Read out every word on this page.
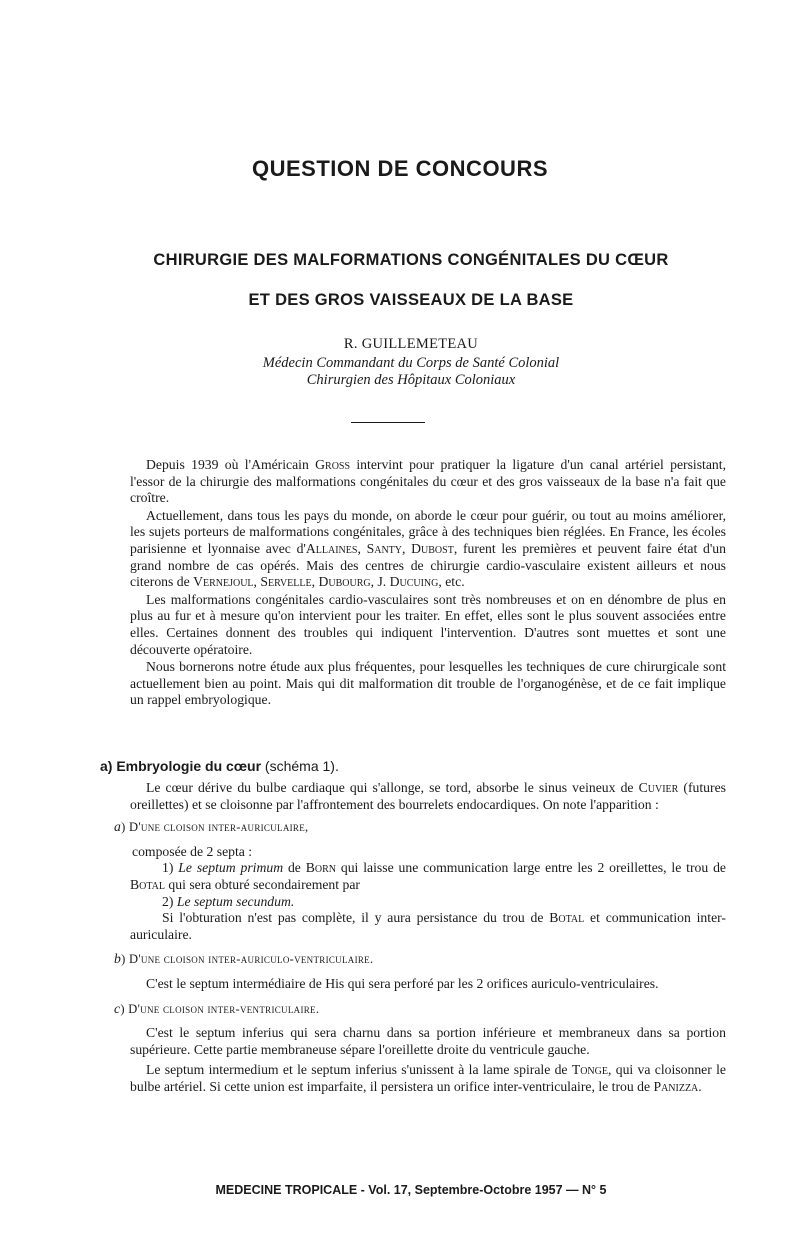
QUESTION DE CONCOURS
CHIRURGIE DES MALFORMATIONS CONGÉNITALES DU CŒUR
ET DES GROS VAISSEAUX DE LA BASE
R. GUILLEMETEAU
Médecin Commandant du Corps de Santé Colonial
Chirurgien des Hôpitaux Coloniaux

Depuis 1939 où l'Américain Gross intervint pour pratiquer la ligature d'un canal artériel persistant, l'essor de la chirurgie des malformations congénitales du cœur et des gros vaisseaux de la base n'a fait que croître.

Actuellement, dans tous les pays du monde, on aborde le cœur pour guérir, ou tout au moins améliorer, les sujets porteurs de malformations congénitales, grâce à des techniques bien réglées. En France, les écoles parisienne et lyonnaise avec d'Allaines, Santy, Dubost, furent les premières et peuvent faire état d'un grand nombre de cas opérés. Mais des centres de chirurgie cardio-vasculaire existent ailleurs et nous citerons de Vernejoul, Servelle, Dubourg, J. Ducuing, etc.

Les malformations congénitales cardio-vasculaires sont très nombreuses et on en dénombre de plus en plus au fur et à mesure qu'on intervient pour les traiter. En effet, elles sont le plus souvent associées entre elles. Certaines donnent des troubles qui indiquent l'intervention. D'autres sont muettes et sont une découverte opératoire.

Nous bornerons notre étude aux plus fréquentes, pour lesquelles les techniques de cure chirurgicale sont actuellement bien au point. Mais qui dit malformation dit trouble de l'organogénèse, et de ce fait implique un rappel embryologique.

a) Embryologie du cœur (schéma 1).

Le cœur dérive du bulbe cardiaque qui s'allonge, se tord, absorbe le sinus veineux de Cuvier (futures oreillettes) et se cloisonne par l'affrontement des bourrelets endocardiques. On note l'apparition :

a) D'une cloison inter-auriculaire,

composée de 2 septa :

1) Le septum primum de Born qui laisse une communication large entre les 2 oreillettes, le trou de Botal qui sera obturé secondairement par

2) Le septum secundum.

Si l'obturation n'est pas complète, il y aura persistance du trou de Botal et communication inter-auriculaire.

b) D'une cloison inter-auriculo-ventriculaire.

C'est le septum intermédiaire de His qui sera perforé par les 2 orifices auriculo-ventriculaires.

c) D'une cloison inter-ventriculaire.

C'est le septum inferius qui sera charnu dans sa portion inférieure et membraneux dans sa portion supérieure. Cette partie membraneuse sépare l'oreillette droite du ventricule gauche.

Le septum intermedium et le septum inferius s'unissent à la lame spirale de Tonge, qui va cloisonner le bulbe artériel. Si cette union est imparfaite, il persistera un orifice inter-ventriculaire, le trou de Panizza.

MEDECINE TROPICALE - Vol. 17, Septembre-Octobre 1957 — N° 5
